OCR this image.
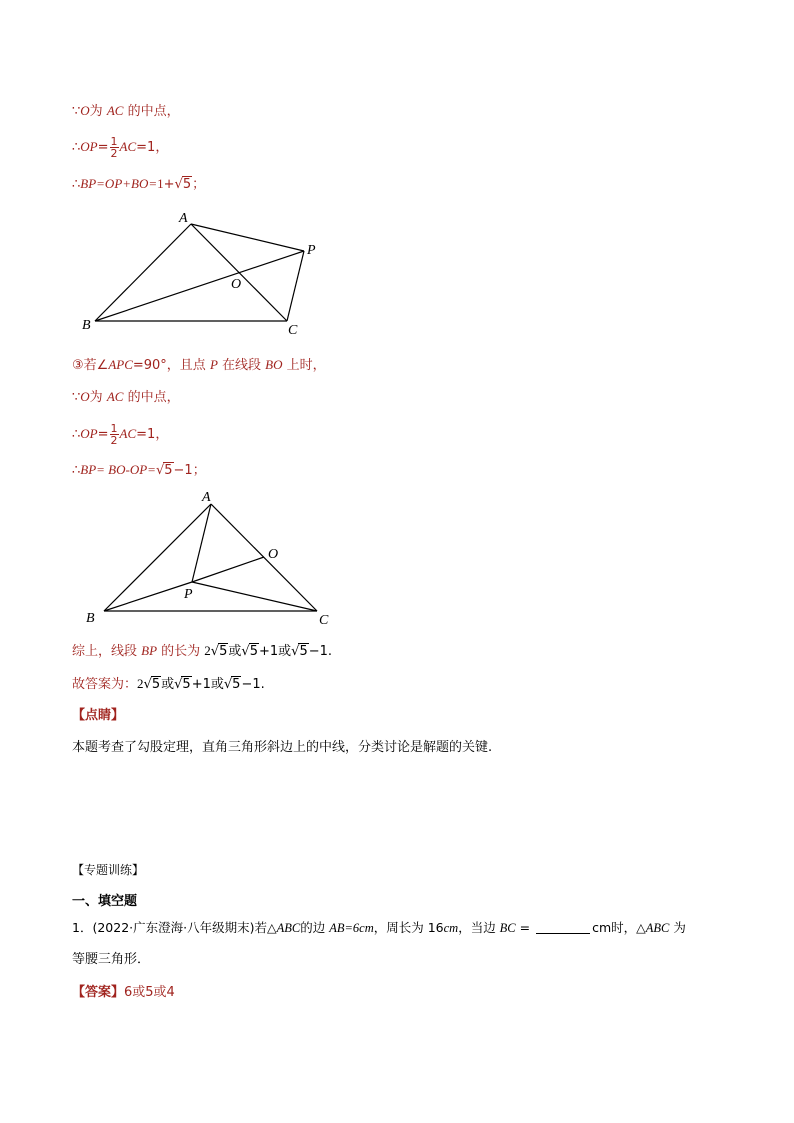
∵O为 AC 的中点，
∴OP= $\frac{1}{2} AC=1$，
∴BP=OP+BO=1+√5；
A
P
O
B	C
③若∠APC=90°，且点 P 在线段 BO 上时，
∵O为 AC 的中点，
∴OP= $\frac{1}{2} AC=1$，
∴BP= BO-OP=√5−1；
A
O
P
B	C
综上，线段 BP 的长为 2√5或√5+1或√5−1.
故答案为：2√5或√5+1或√5−1.
【点睛】
本题考查了勾股定理，直角三角形斜边上的中线，分类讨论是解题的关键.
【专题训练】
一、填空题
1．(2022·广东澄海·八年级期末)若△ABC的边 AB=6cm，周长为 16cm，当边 BC =	cm时，△ABC 为
等腰三角形．
【答案】6或5或4
